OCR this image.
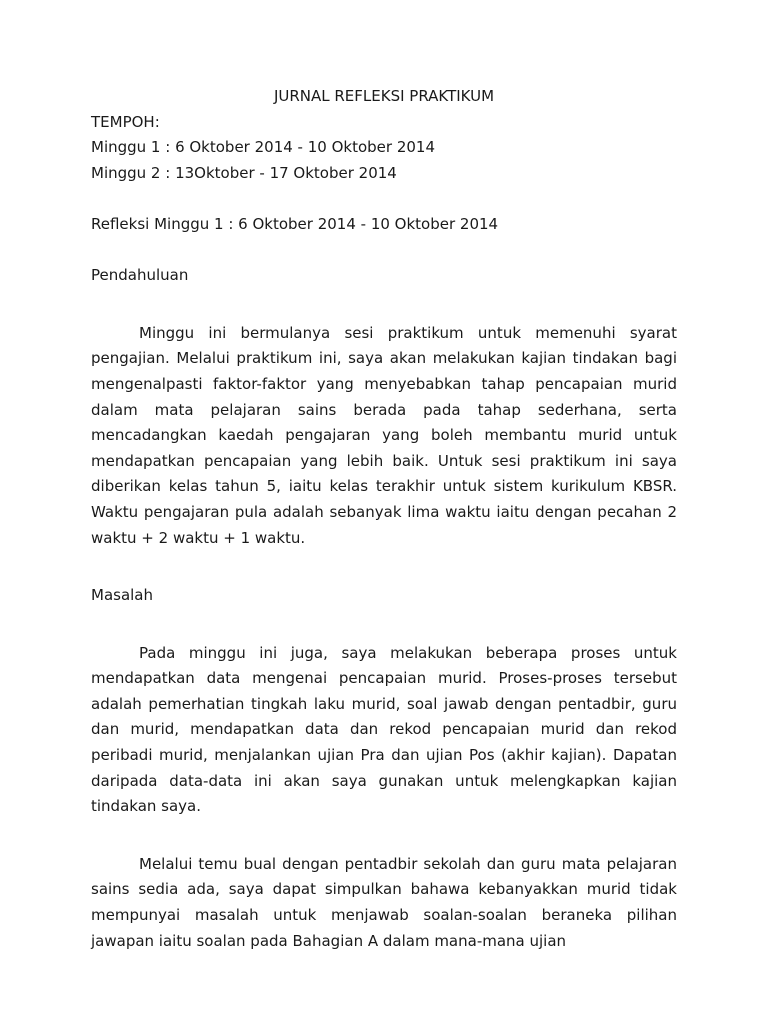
JURNAL REFLEKSI PRAKTIKUM

TEMPOH:

Minggu 1 : 6 Oktober 2014 - 10 Oktober 2014

Minggu 2 : 13Oktober - 17 Oktober 2014

Refleksi Minggu 1 : 6 Oktober 2014 - 10 Oktober 2014

Pendahuluan

Minggu ini bermulanya sesi praktikum untuk memenuhi syarat pengajian. Melalui praktikum ini, saya akan melakukan kajian tindakan bagi mengenalpasti faktor-faktor yang menyebabkan tahap pencapaian murid dalam mata pelajaran sains berada pada tahap sederhana, serta mencadangkan kaedah pengajaran yang boleh membantu murid untuk mendapatkan pencapaian yang lebih baik. Untuk sesi praktikum ini saya diberikan kelas tahun 5, iaitu kelas terakhir untuk sistem kurikulum KBSR. Waktu pengajaran pula adalah sebanyak lima waktu iaitu dengan pecahan 2 waktu + 2 waktu + 1 waktu.

Masalah

Pada minggu ini juga, saya melakukan beberapa proses untuk mendapatkan data mengenai pencapaian murid. Proses-proses tersebut adalah pemerhatian tingkah laku murid, soal jawab dengan pentadbir, guru dan murid, mendapatkan data dan rekod pencapaian murid dan rekod peribadi murid, menjalankan ujian Pra dan ujian Pos (akhir kajian). Dapatan daripada data-data ini akan saya gunakan untuk melengkapkan kajian tindakan saya.

Melalui temu bual dengan pentadbir sekolah dan guru mata pelajaran sains sedia ada, saya dapat simpulkan bahawa kebanyakkan murid tidak mempunyai masalah untuk menjawab soalan-soalan beraneka pilihan jawapan iaitu soalan pada Bahagian A dalam mana-mana ujian
